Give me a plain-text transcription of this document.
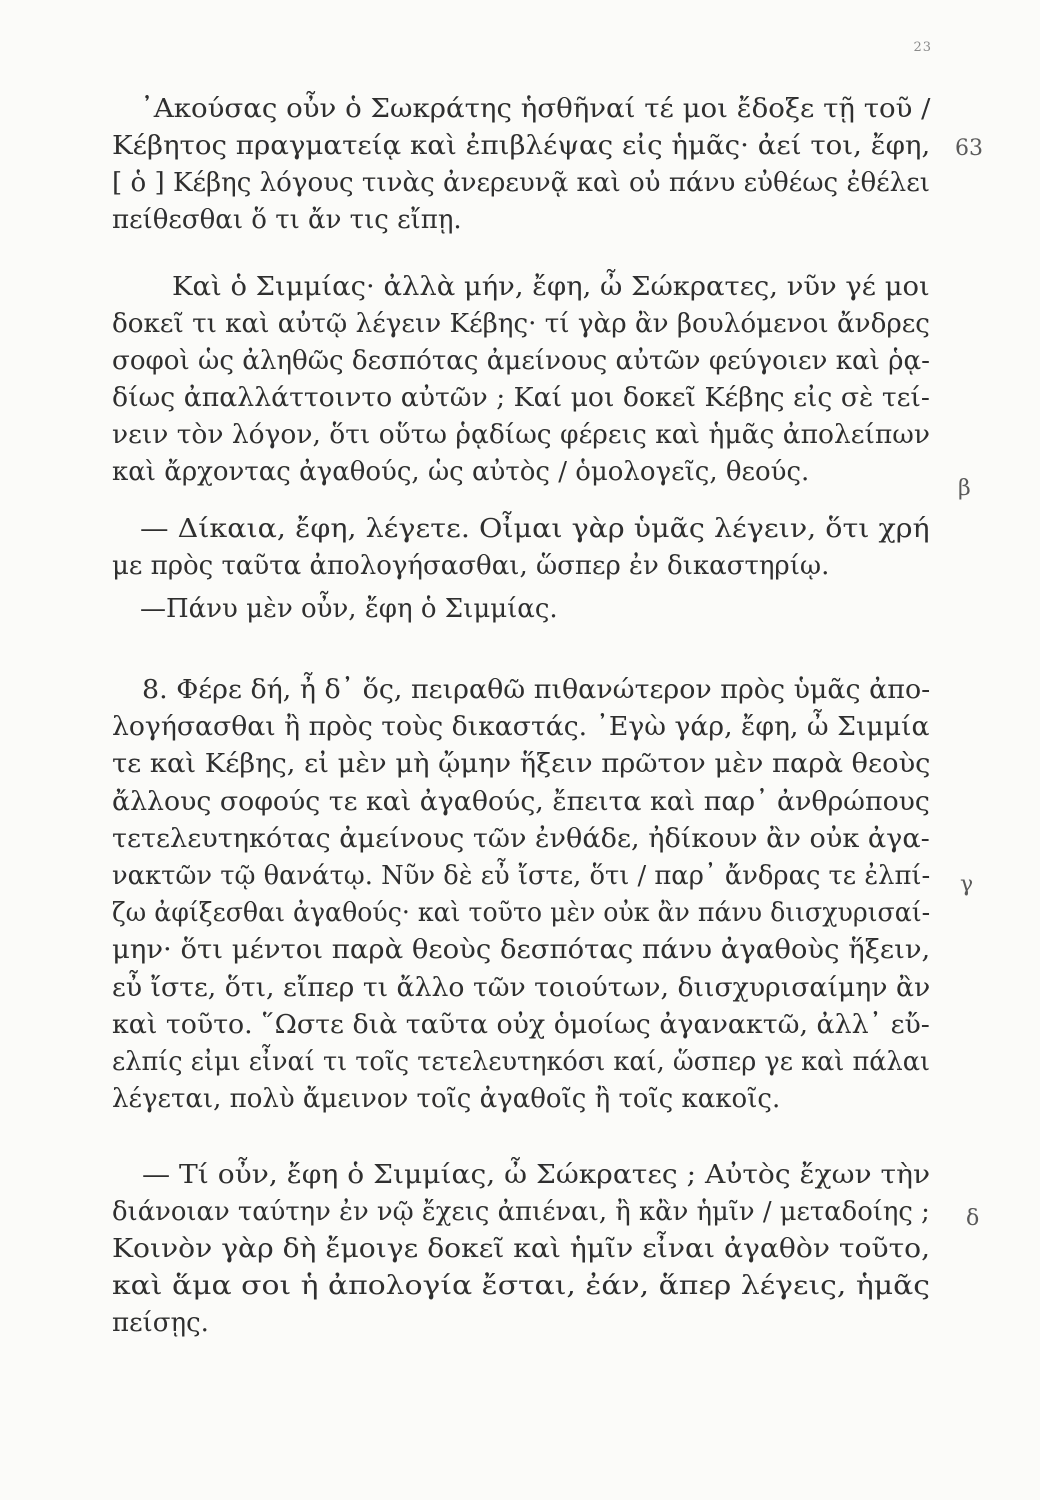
23
᾽Ακούσας οὖν ὁ Σωκράτης ἡσθῆναί τέ μοι ἔδοξε τῇ τοῦ /
Κέβητος πραγματείᾳ καὶ ἐπιβλέψας εἰς ἡμᾶς· ἀεί τοι, ἔφη,
[ ὁ ] Κέβης λόγους τινὰς ἀνερευνᾷ καὶ οὐ πάνυ εὐθέως ἐθέλει
πείθεσθαι ὅ τι ἄν τις εἴπῃ.
Καὶ ὁ Σιμμίας· ἀλλὰ μήν, ἔφη, ὦ Σώκρατες, νῦν γέ μοι
δοκεῖ τι καὶ αὐτῷ λέγειν Κέβης· τί γὰρ ἂν βουλόμενοι ἄνδρες
σοφοὶ ὡς ἀληθῶς δεσπότας ἀμείνους αὐτῶν φεύγοιεν καὶ ῥᾳ-
δίως ἀπαλλάττοιντο αὐτῶν ; Καί μοι δοκεῖ Κέβης εἰς σὲ τεί-
νειν τὸν λόγον, ὅτι οὕτω ῥᾳδίως φέρεις καὶ ἡμᾶς ἀπολείπων
καὶ ἄρχοντας ἀγαθούς, ὡς αὐτὸς / ὁμολογεῖς, θεούς.
— Δίκαια, ἔφη, λέγετε. Οἶμαι γὰρ ὑμᾶς λέγειν, ὅτι χρή
με πρὸς ταῦτα ἀπολογήσασθαι, ὥσπερ ἐν δικαστηρίῳ.
—Πάνυ μὲν οὖν, ἔφη ὁ Σιμμίας.
8. Φέρε δή, ἦ δ᾽ ὅς, πειραθῶ πιθανώτερον πρὸς ὑμᾶς ἀπο-
λογήσασθαι ἢ πρὸς τοὺς δικαστάς. ᾽Εγὼ γάρ, ἔφη, ὦ Σιμμία
τε καὶ Κέβης, εἰ μὲν μὴ ᾤμην ἥξειν πρῶτον μὲν παρὰ θεοὺς
ἄλλους σοφούς τε καὶ ἀγαθούς, ἔπειτα καὶ παρ᾽ ἀνθρώπους
τετελευτηκότας ἀμείνους τῶν ἐνθάδε, ἠδίκουν ἂν οὐκ ἀγα-
νακτῶν τῷ θανάτῳ. Νῦν δὲ εὖ ἴστε, ὅτι / παρ᾽ ἄνδρας τε ἐλπί-
ζω ἀφίξεσθαι ἀγαθούς· καὶ τοῦτο μὲν οὐκ ἂν πάνυ διισχυρισαί-
μην· ὅτι μέντοι παρὰ θεοὺς δεσπότας πάνυ ἀγαθοὺς ἥξειν,
εὖ ἴστε, ὅτι, εἴπερ τι ἄλλο τῶν τοιούτων, διισχυρισαίμην ἂν
καὶ τοῦτο. ῞Ωστε διὰ ταῦτα οὐχ ὁμοίως ἀγανακτῶ, ἀλλ᾽ εὔ-
ελπίς εἰμι εἶναί τι τοῖς τετελευτηκόσι καί, ὥσπερ γε καὶ πάλαι
λέγεται, πολὺ ἄμεινον τοῖς ἀγαθοῖς ἢ τοῖς κακοῖς.
— Τί οὖν, ἔφη ὁ Σιμμίας, ὦ Σώκρατες ; Αὐτὸς ἔχων τὴν
διάνοιαν ταύτην ἐν νῷ ἔχεις ἀπιέναι, ἢ κἂν ἡμῖν / μεταδοίης ;
Κοινὸν γὰρ δὴ ἔμοιγε δοκεῖ καὶ ἡμῖν εἶναι ἀγαθὸν τοῦτο,
καὶ ἅμα σοι ἡ ἀπολογία ἔσται, ἐάν, ἅπερ λέγεις, ἡμᾶς
πείσῃς.
63
β
γ
δ
